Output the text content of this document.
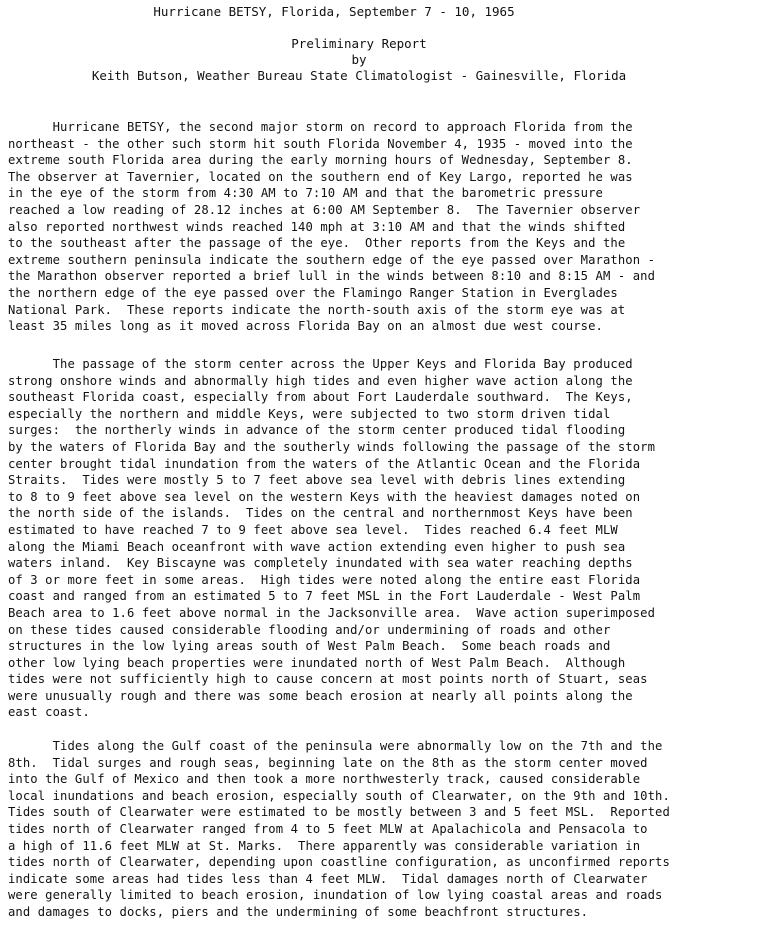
Hurricane BETSY, Florida, September 7 - 10, 1965
Preliminary Report
by
Keith Butson, Weather Bureau State Climatologist - Gainesville, Florida
Hurricane BETSY, the second major storm on record to approach Florida from the
northeast - the other such storm hit south Florida November 4, 1935 - moved into the
extreme south Florida area during the early morning hours of Wednesday, September 8.
The observer at Tavernier, located on the southern end of Key Largo, reported he was
in the eye of the storm from 4:30 AM to 7:10 AM and that the barometric pressure
reached a low reading of 28.12 inches at 6:00 AM September 8.  The Tavernier observer
also reported northwest winds reached 140 mph at 3:10 AM and that the winds shifted
to the southeast after the passage of the eye.  Other reports from the Keys and the
extreme southern peninsula indicate the southern edge of the eye passed over Marathon -
the Marathon observer reported a brief lull in the winds between 8:10 and 8:15 AM - and
the northern edge of the eye passed over the Flamingo Ranger Station in Everglades
National Park.  These reports indicate the north-south axis of the storm eye was at
least 35 miles long as it moved across Florida Bay on an almost due west course.
The passage of the storm center across the Upper Keys and Florida Bay produced
strong onshore winds and abnormally high tides and even higher wave action along the
southeast Florida coast, especially from about Fort Lauderdale southward.  The Keys,
especially the northern and middle Keys, were subjected to two storm driven tidal
surges:  the northerly winds in advance of the storm center produced tidal flooding
by the waters of Florida Bay and the southerly winds following the passage of the storm
center brought tidal inundation from the waters of the Atlantic Ocean and the Florida
Straits.  Tides were mostly 5 to 7 feet above sea level with debris lines extending
to 8 to 9 feet above sea level on the western Keys with the heaviest damages noted on
the north side of the islands.  Tides on the central and northernmost Keys have been
estimated to have reached 7 to 9 feet above sea level.  Tides reached 6.4 feet MLW
along the Miami Beach oceanfront with wave action extending even higher to push sea
waters inland.  Key Biscayne was completely inundated with sea water reaching depths
of 3 or more feet in some areas.  High tides were noted along the entire east Florida
coast and ranged from an estimated 5 to 7 feet MSL in the Fort Lauderdale - West Palm
Beach area to 1.6 feet above normal in the Jacksonville area.  Wave action superimposed
on these tides caused considerable flooding and/or undermining of roads and other
structures in the low lying areas south of West Palm Beach.  Some beach roads and
other low lying beach properties were inundated north of West Palm Beach.  Although
tides were not sufficiently high to cause concern at most points north of Stuart, seas
were unusually rough and there was some beach erosion at nearly all points along the
east coast.
Tides along the Gulf coast of the peninsula were abnormally low on the 7th and the
8th.  Tidal surges and rough seas, beginning late on the 8th as the storm center moved
into the Gulf of Mexico and then took a more northwesterly track, caused considerable
local inundations and beach erosion, especially south of Clearwater, on the 9th and 10th.
Tides south of Clearwater were estimated to be mostly between 3 and 5 feet MSL.  Reported
tides north of Clearwater ranged from 4 to 5 feet MLW at Apalachicola and Pensacola to
a high of 11.6 feet MLW at St. Marks.  There apparently was considerable variation in
tides north of Clearwater, depending upon coastline configuration, as unconfirmed reports
indicate some areas had tides less than 4 feet MLW.  Tidal damages north of Clearwater
were generally limited to beach erosion, inundation of low lying coastal areas and roads
and damages to docks, piers and the undermining of some beachfront structures.
